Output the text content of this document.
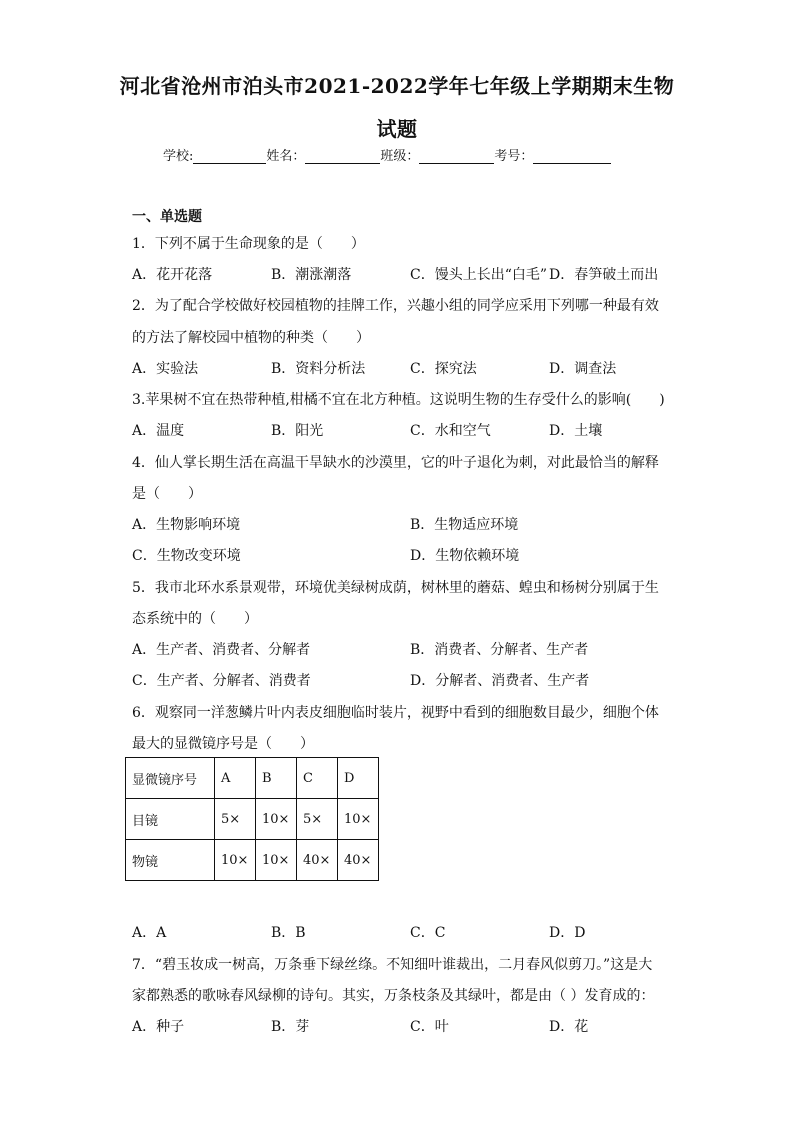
河北省沧州市泊头市2021-2022学年七年级上学期期末生物
试题
学校:	姓名：	班级：	考号：
一、单选题
1．下列不属于生命现象的是（　　）
A．花开花落	B．潮涨潮落	C．馒头上长出“白毛” D．春笋破土而出
2．为了配合学校做好校园植物的挂牌工作，兴趣小组的同学应采用下列哪一种最有效
的方法了解校园中植物的种类（　　）
A．实验法	B．资料分析法	C．探究法	D．调查法
3.苹果树不宜在热带种植,柑橘不宜在北方种植。这说明生物的生存受什么的影响(　　)
A．温度	B．阳光	C．水和空气	D．土壤
4．仙人掌长期生活在高温干旱缺水的沙漠里，它的叶子退化为刺，对此最恰当的解释
是（　　）
A．生物影响环境	B．生物适应环境
C．生物改变环境	D．生物依赖环境
5．我市北环水系景观带，环境优美绿树成荫，树林里的蘑菇、蝗虫和杨树分别属于生
态系统中的（　　）
A．生产者、消费者、分解者	B．消费者、分解者、生产者
C．生产者、分解者、消费者	D．分解者、消费者、生产者
6．观察同一洋葱鳞片叶内表皮细胞临时装片，视野中看到的细胞数目最少，细胞个体
最大的显微镜序号是（　　）
显微镜序号	A	B	C	D
目镜	5×	10×	5×	10×
物镜	10×	10×	40×	40×
A．A	B．B	C．C	D．D
7．“碧玉妆成一树高，万条垂下绿丝绦。不知细叶谁裁出，二月春风似剪刀。”这是大
家都熟悉的歌咏春风绿柳的诗句。其实，万条枝条及其绿叶，都是由（ ）发育成的：
A．种子	B．芽	C．叶	D．花
